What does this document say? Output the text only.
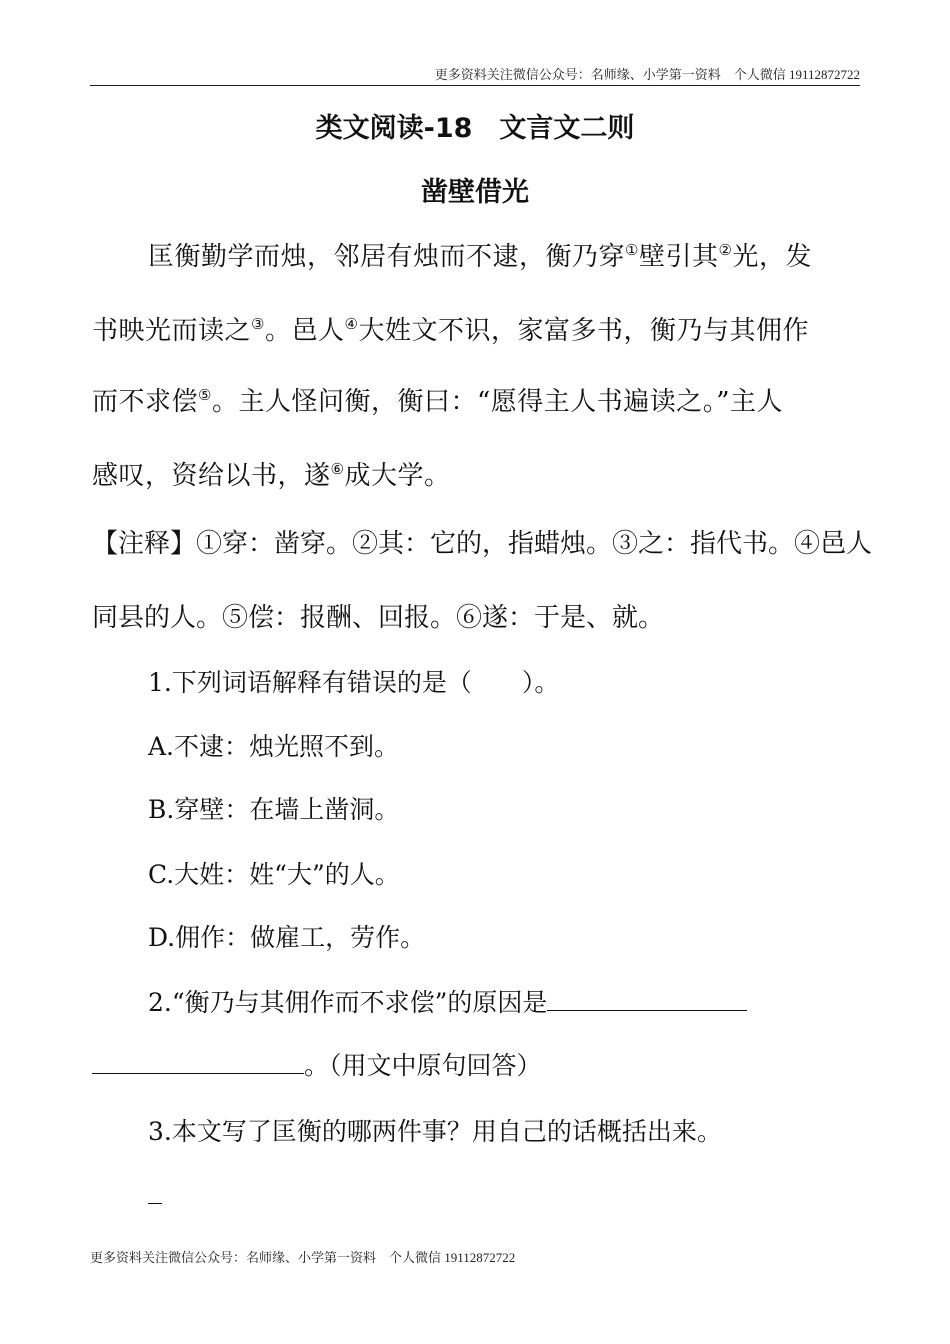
更多资料关注微信公众号：名师缘、小学第一资料　个人微信 19112872722
类文阅读-18　文言文二则
凿壁借光
匡衡勤学而烛，邻居有烛而不逮，衡乃穿①壁引其②光，发
书映光而读之③。邑人④大姓文不识，家富多书，衡乃与其佣作
而不求偿⑤。主人怪问衡，衡曰：“愿得主人书遍读之。”主人
感叹，资给以书，遂⑥成大学。
【注释】①穿：凿穿。②其：它的，指蜡烛。③之：指代书。④邑人
同县的人。⑤偿：报酬、回报。⑥遂：于是、就。
1.下列词语解释有错误的是（　　）。
A.不逮：烛光照不到。
B.穿壁：在墙上凿洞。
C.大姓：姓“大”的人。
D.佣作：做雇工，劳作。
2.“衡乃与其佣作而不求偿”的原因是
。（用文中原句回答）
3.本文写了匡衡的哪两件事？用自己的话概括出来。
更多资料关注微信公众号：名师缘、小学第一资料　个人微信 19112872722
